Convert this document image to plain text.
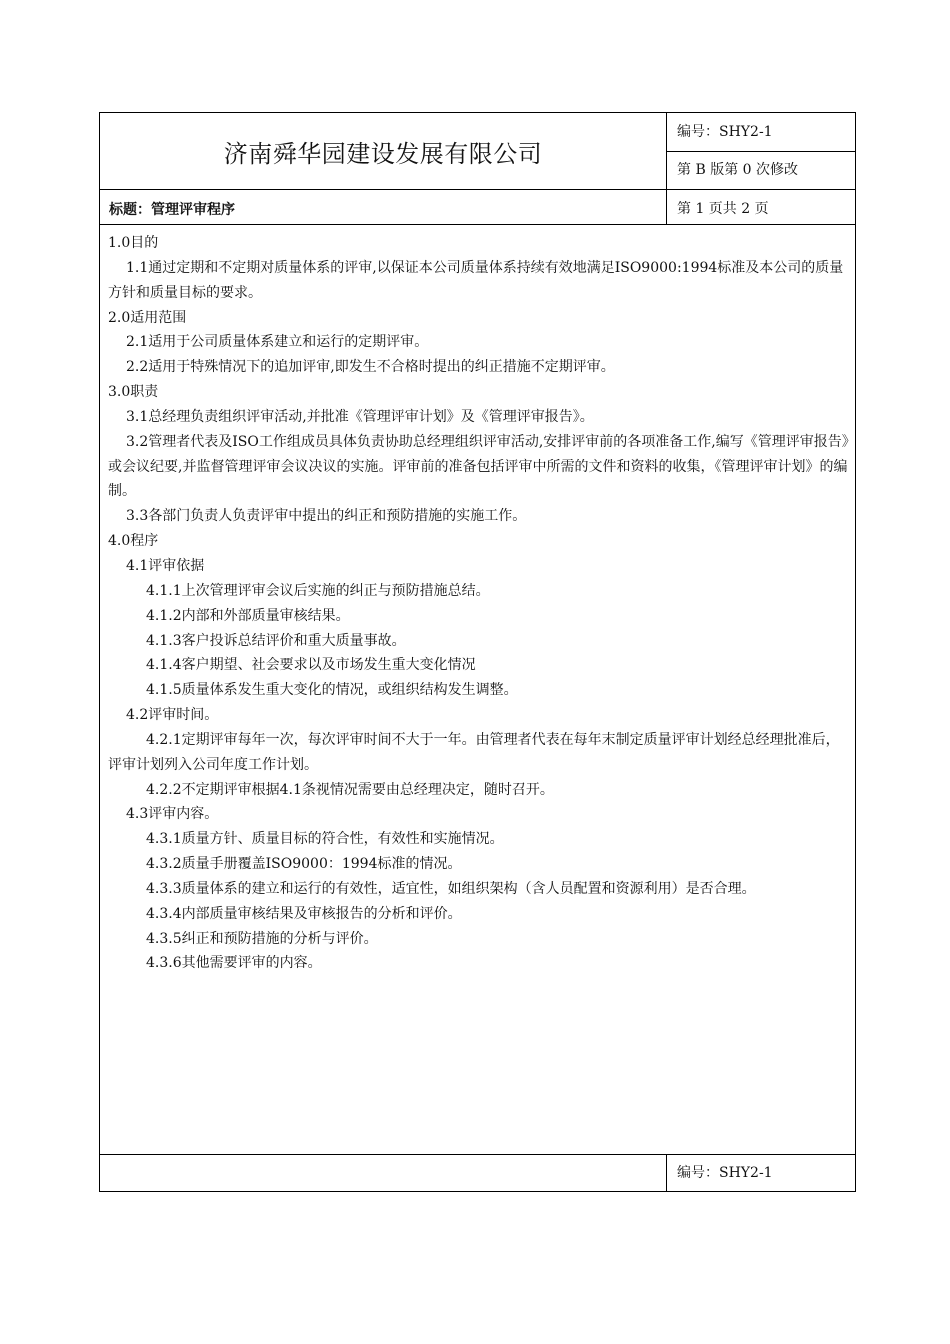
济南舜华园建设发展有限公司
编号：SHY2-1
第 B 版第 0 次修改
标题：管理评审程序	第 1 页共 2 页

1.0目的

1.1通过定期和不定期对质量体系的评审,以保证本公司质量体系持续有效地满足ISO9000:1994标准及本公司的质量方针和质量目标的要求。

2.0适用范围

2.1适用于公司质量体系建立和运行的定期评审。

2.2适用于特殊情况下的追加评审,即发生不合格时提出的纠正措施不定期评审。

3.0职责

3.1总经理负责组织评审活动,并批准《管理评审计划》及《管理评审报告》。

3.2管理者代表及ISO工作组成员具体负责协助总经理组织评审活动,安排评审前的各项准备工作,编写《管理评审报告》或会议纪要,并监督管理评审会议决议的实施。评审前的准备包括评审中所需的文件和资料的收集，《管理评审计划》的编制。

3.3各部门负责人负责评审中提出的纠正和预防措施的实施工作。

4.0程序

4.1评审依据

4.1.1上次管理评审会议后实施的纠正与预防措施总结。

4.1.2内部和外部质量审核结果。

4.1.3客户投诉总结评价和重大质量事故。

4.1.4客户期望、社会要求以及市场发生重大变化情况

4.1.5质量体系发生重大变化的情况，或组织结构发生调整。

4.2评审时间。

4.2.1定期评审每年一次，每次评审时间不大于一年。由管理者代表在每年末制定质量评审计划经总经理批准后，评审计划列入公司年度工作计划。

4.2.2不定期评审根据4.1条视情况需要由总经理决定，随时召开。

4.3评审内容。

4.3.1质量方针、质量目标的符合性，有效性和实施情况。

4.3.2质量手册覆盖ISO9000：1994标准的情况。

4.3.3质量体系的建立和运行的有效性，适宜性，如组织架构（含人员配置和资源利用）是否合理。

4.3.4内部质量审核结果及审核报告的分析和评价。

4.3.5纠正和预防措施的分析与评价。

4.3.6其他需要评审的内容。

编号：SHY2-1
